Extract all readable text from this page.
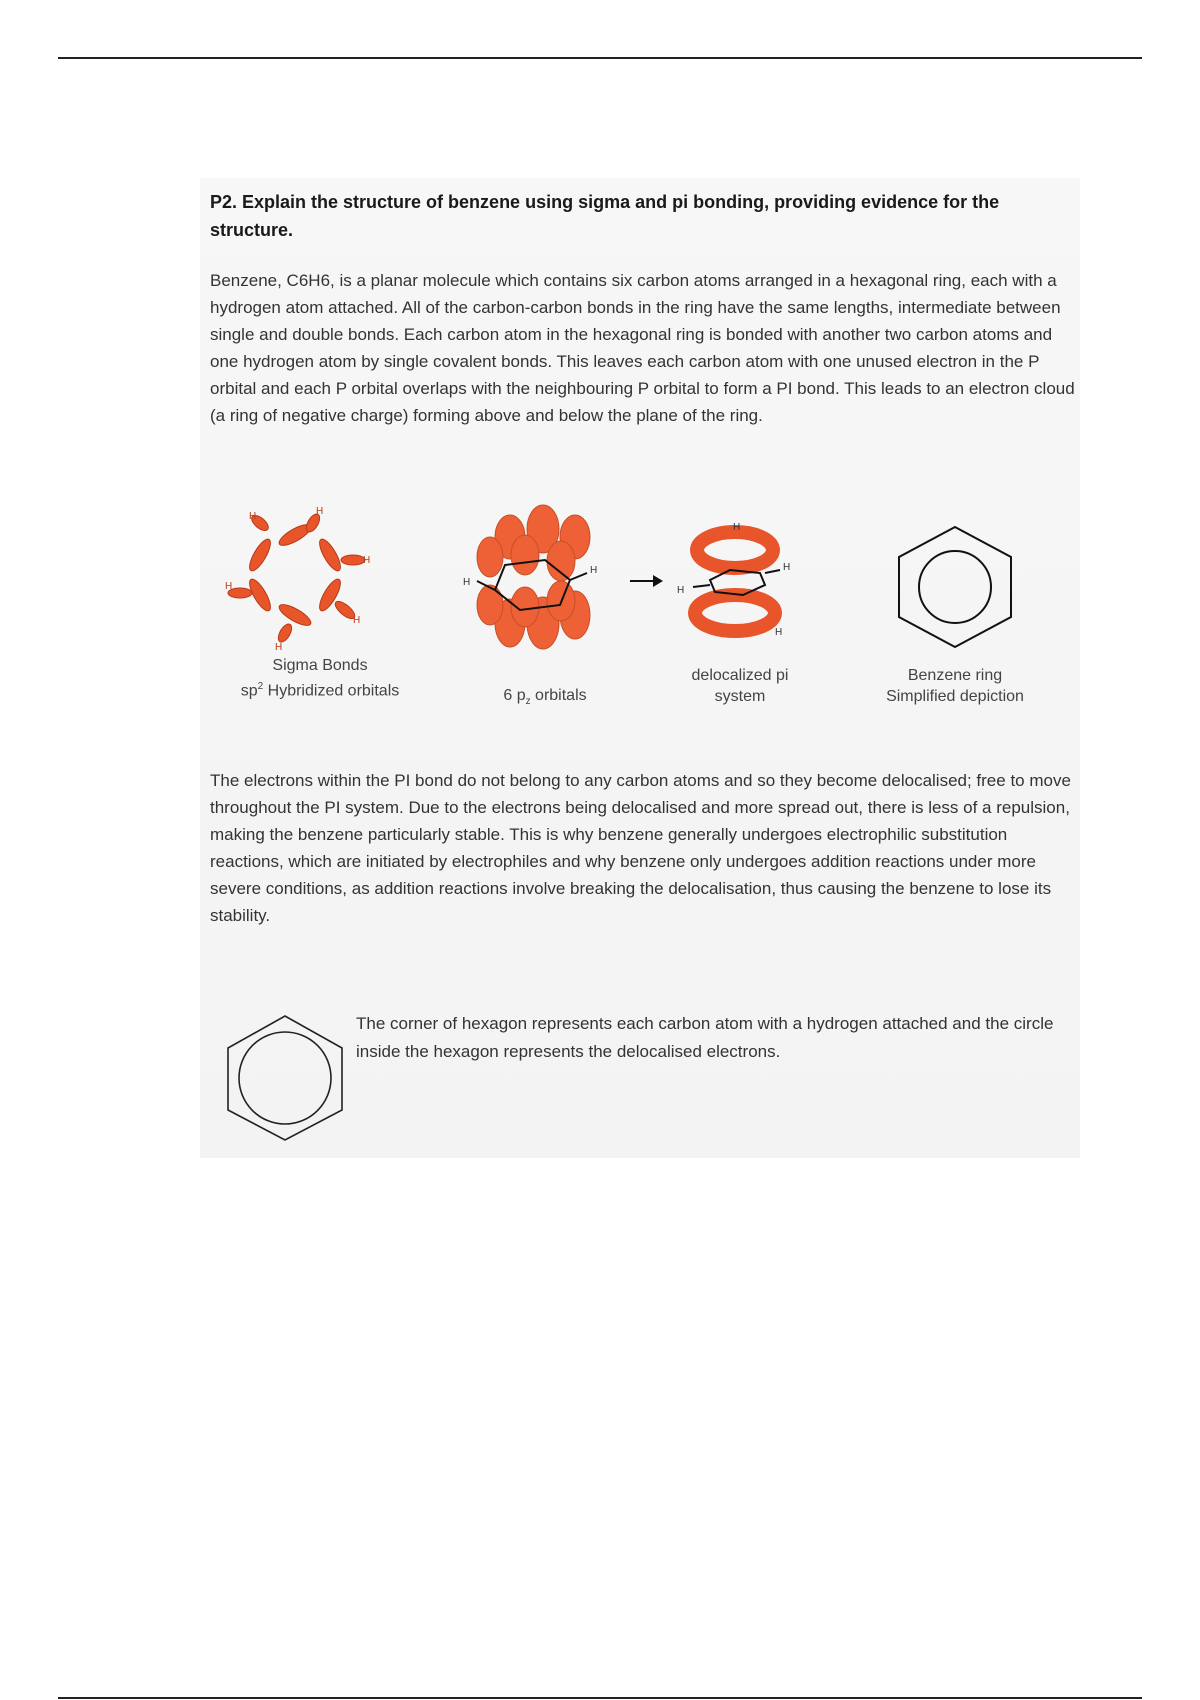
P2. Explain the structure of benzene using sigma and pi bonding, providing evidence for the structure.

Benzene, C6H6, is a planar molecule which contains six carbon atoms arranged in a hexagonal ring, each with a hydrogen atom attached. All of the carbon-carbon bonds in the ring have the same lengths, intermediate between single and double bonds. Each carbon atom in the hexagonal ring is bonded with another two carbon atoms and one hydrogen atom by single covalent bonds. This leaves each carbon atom with one unused electron in the P orbital and each P orbital overlaps with the neighbouring P orbital to form a PI bond. This leads to an electron cloud (a ring of negative charge) forming above and below the plane of the ring.

H
H
H
H
H
H
H
H
H
H
H
H
Sigma Bonds
$sp^2$ Hybridized orbitals	6 $p_z$ orbitals
delocalized pi
system
Benzene ring
Simplified depiction

The electrons within the PI bond do not belong to any carbon atoms and so they become delocalised; free to move throughout the PI system. Due to the electrons being delocalised and more spread out, there is less of a repulsion, making the benzene particularly stable. This is why benzene generally undergoes electrophilic substitution reactions, which are initiated by electrophiles and why benzene only undergoes addition reactions under more severe conditions, as addition reactions involve breaking the delocalisation, thus causing the benzene to lose its stability.

The corner of hexagon represents each carbon atom with a hydrogen attached and the circle inside the hexagon represents the delocalised electrons.
